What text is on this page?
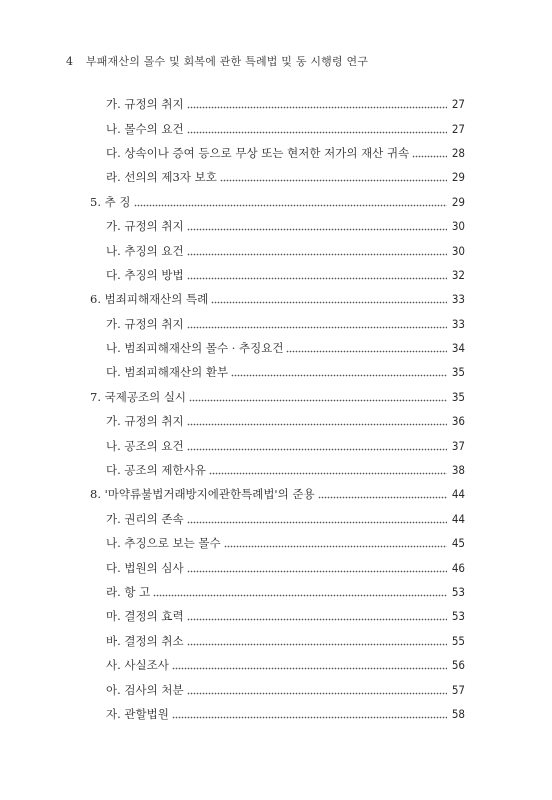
4 부패재산의 몰수 및 회복에 관한 특례법 및 동 시행령 연구
가. 규정의 취지	27
나. 몰수의 요건	27
다. 상속이나 증여 등으로 무상 또는 현저한 저가의 재산 귀속	28
라. 선의의 제3자 보호	29
5. 추 징	29
가. 규정의 취지	30
나. 추징의 요건	30
다. 추징의 방법	32
6. 범죄피해재산의 특례	33
가. 규정의 취지	33
나. 범죄피해재산의 몰수 · 추징요건	34
다. 범죄피해재산의 환부	35
7. 국제공조의 실시	35
가. 규정의 취지	36
나. 공조의 요건	37
다. 공조의 제한사유	38
8. '마약류불법거래방지에관한특례법'의 준용	44
가. 권리의 존속	44
나. 추징으로 보는 몰수	45
다. 법원의 심사	46
라. 항 고	53
마. 결정의 효력	53
바. 결정의 취소	55
사. 사실조사	56
아. 검사의 처분	57
자. 관할법원	58
